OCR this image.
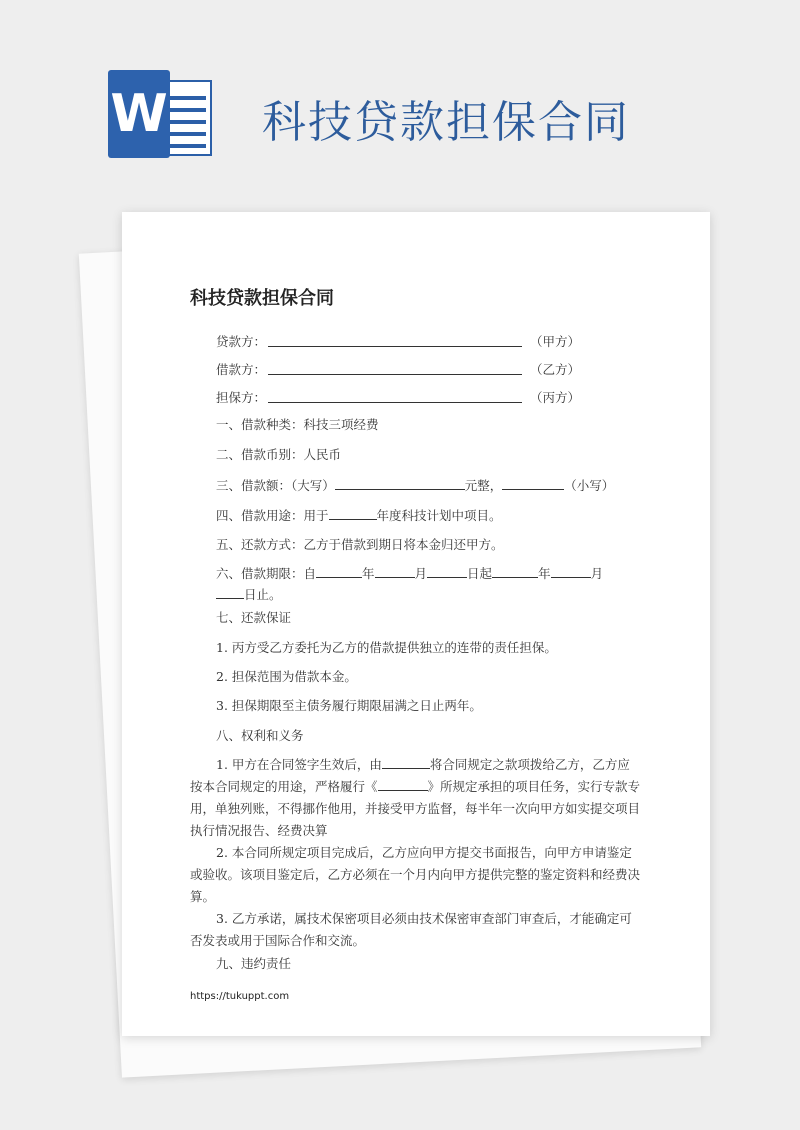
W 科技贷款担保合同
科技贷款担保合同
贷款方：	（甲方）
借款方：	（乙方）
担保方：	（丙方）
一、借款种类：科技三项经费
二、借款币别：人民币
三、借款额：（大写）	元整，	（小写）
四、借款用途：用于	年度科技计划中项目。
五、还款方式：乙方于借款到期日将本金归还甲方。
六、借款期限：自	年	月	日起	年	月
日止。
七、还款保证
1. 丙方受乙方委托为乙方的借款提供独立的连带的责任担保。
2. 担保范围为借款本金。
3. 担保期限至主债务履行期限届满之日止两年。
八、权利和义务
1. 甲方在合同签字生效后，由	将合同规定之款项拨给乙方，乙方应按本合同规定的用途，严格履行《	》所规定承担的项目任务，实行专款专用，单独列账，不得挪作他用，并接受甲方监督，每半年一次向甲方如实提交项目执行情况报告、经费决算
2. 本合同所规定项目完成后，乙方应向甲方提交书面报告，向甲方申请鉴定或验收。该项目鉴定后，乙方必须在一个月内向甲方提供完整的鉴定资料和经费决算。
3. 乙方承诺，属技术保密项目必须由技术保密审查部门审查后，才能确定可否发表或用于国际合作和交流。
九、违约责任
https://tukuppt.com
